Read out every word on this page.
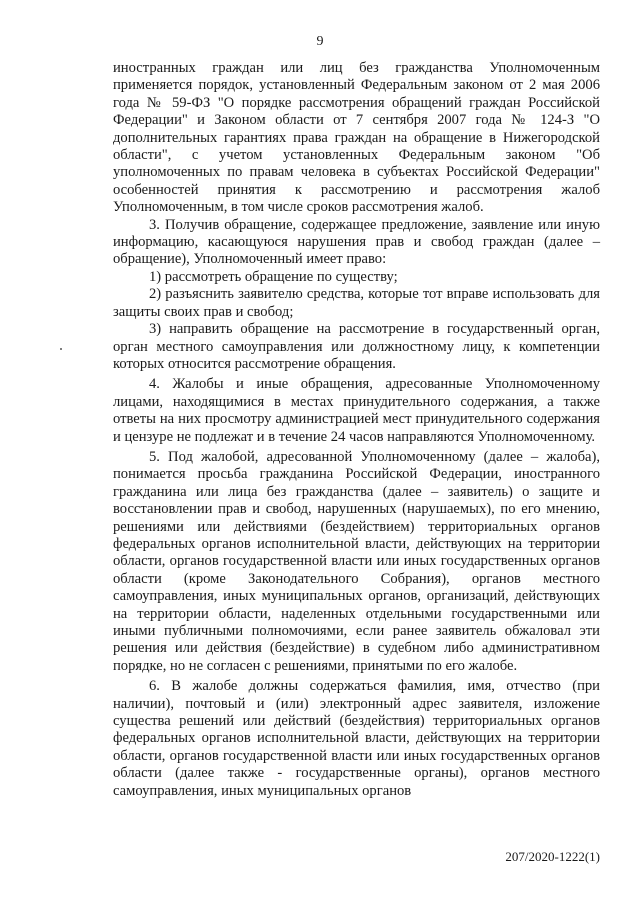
9

иностранных граждан или лиц без гражданства Уполномоченным применяется порядок, установленный Федеральным законом от 2 мая 2006 года № 59-ФЗ "О порядке рассмотрения обращений граждан Российской Федерации" и Законом области от 7 сентября 2007 года № 124-З "О дополнительных гарантиях права граждан на обращение в Нижегородской области", с учетом установленных Федеральным законом "Об уполномоченных по правам человека в субъектах Российской Федерации" особенностей принятия к рассмотрению и рассмотрения жалоб Уполномоченным, в том числе сроков рассмотрения жалоб.

3. Получив обращение, содержащее предложение, заявление или иную информацию, касающуюся нарушения прав и свобод граждан (далее – обращение), Уполномоченный имеет право:

1) рассмотреть обращение по существу;

2) разъяснить заявителю средства, которые тот вправе использовать для защиты своих прав и свобод;

3) направить обращение на рассмотрение в государственный орган, орган местного самоуправления или должностному лицу, к компетенции которых относится рассмотрение обращения.

4. Жалобы и иные обращения, адресованные Уполномоченному лицами, находящимися в местах принудительного содержания, а также ответы на них просмотру администрацией мест принудительного содержания и цензуре не подлежат и в течение 24 часов направляются Уполномоченному.

5. Под жалобой, адресованной Уполномоченному (далее – жалоба), понимается просьба гражданина Российской Федерации, иностранного гражданина или лица без гражданства (далее – заявитель) о защите и восстановлении прав и свобод, нарушенных (нарушаемых), по его мнению, решениями или действиями (бездействием) территориальных органов федеральных органов исполнительной власти, действующих на территории области, органов государственной власти или иных государственных органов области (кроме Законодательного Собрания), органов местного самоуправления, иных муниципальных органов, организаций, действующих на территории области, наделенных отдельными государственными или иными публичными полномочиями, если ранее заявитель обжаловал эти решения или действия (бездействие) в судебном либо административном порядке, но не согласен с решениями, принятыми по его жалобе.

6. В жалобе должны содержаться фамилия, имя, отчество (при наличии), почтовый и (или) электронный адрес заявителя, изложение существа решений или действий (бездействия) территориальных органов федеральных органов исполнительной власти, действующих на территории области, органов государственной власти или иных государственных органов области (далее также - государственные органы), органов местного самоуправления, иных муниципальных органов

207/2020-1222(1)
